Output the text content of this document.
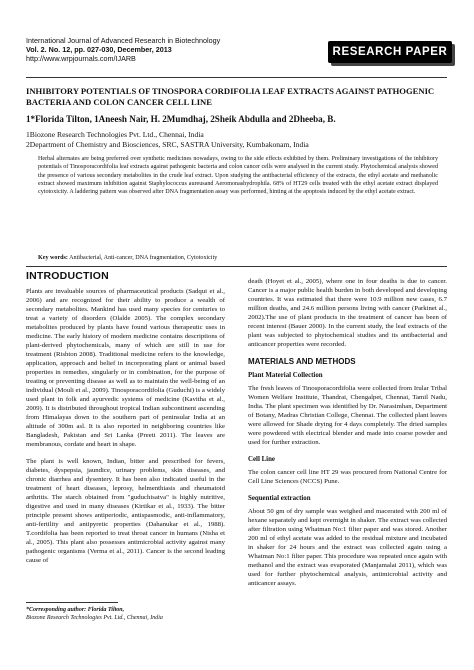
International Journal of Advanced Research in Biotechnology
Vol. 2. No. 12, pp. 027-030, December, 2013
http://www.wrpjournals.com/IJARB
RESEARCH PAPER
INHIBITORY POTENTIALS OF TINOSPORA CORDIFOLIA LEAF EXTRACTS AGAINST PATHOGENIC BACTERIA AND COLON CANCER CELL LINE
1*Florida Tilton, 1Aneesh Nair, H. 2Mumdhaj, 2Sheik Abdulla and 2Dheeba, B.
1Biozone Research Technologies Pvt. Ltd., Chennai, India
2Department of Chemistry and Biosciences, SRC, SASTRA University, Kumbakonam, India
Herbal alternates are being preferred over synthetic medicines nowadays, owing to the side effects exhibited by them. Preliminary investigations of the inhibitory potentials of Tinosporacordifolia leaf extracts against pathogenic bacteria and colon cancer cells were analysed in the current study. Phytochemical analysis showed the presence of various secondary metabolites in the crude leaf extract. Upon studying the antibacterial efficiency of the extracts, the ethyl acetate and methanolic extract showed maximum inhibition against Staphylococcus aureusand Aeromonashydrophila. 68% of HT29 cells treated with the ethyl acetate extract displayed cytotoxicity. A laddering pattern was observed after DNA fragmentation assay was performed, hinting at the apoptosis induced by the ethyl acetate extract.
Key words: Antibacterial, Anti-cancer, DNA fragmentation, Cytotoxicity

INTRODUCTION

Plants are invaluable sources of pharmaceutical products (Sadqui et al., 2006) and are recognized for their ability to produce a wealth of secondary metabolites. Mankind has used many species for centuries to treat a variety of disorders (Olalde 2005). The complex secondary metabolites produced by plants have found various therapeutic uses in medicine. The early history of modern medicine contains descriptions of plant-derived phytochemicals, many of which are still in use for treatment (Rishton 2008). Traditional medicine refers to the knowledge, application, approach and belief in incorporating plant or animal based properties in remedies, singularly or in combination, for the purpose of treating or preventing disease as well as to maintain the well-being of an individual (Mouli et al., 2009). Tinosporacordifolia (Guduchi) is a widely used plant in folk and ayurvedic systems of medicine (Kavitha et al., 2009). It is distributed throughout tropical Indian subcontinent ascending from Himalayas down to the southern part of peninsular India at an altitude of 300m asl. It is also reported in neighboring countries like Bangladesh, Pakistan and Sri Lanka (Preeti 2011). The leaves are membranous, cordate and heart in shape.

The plant is well known, Indian, bitter and prescribed for fevers, diabetes, dyspepsia, jaundice, urinary problems, skin diseases, and chronic diarrhea and dysentery. It has been also indicated useful in the treatment of heart diseases, leprosy, helmenthiasis and rheumatoid arthritis. The starch obtained from "guduchisatva" is highly nutritive, digestive and used in many diseases (Kirtikar et al., 1933). The bitter principle present shows antiperiodic, antispasmodic, anti-inflammatory, anti-fertility and antipyretic properties (Dahanukar et al., 1988). T.cordifolia has been reported to treat throat cancer in humans (Nisha et al., 2005). This plant also possesses antimicrobial activity against many pathogenic organisms (Verma et al., 2011). Cancer is the second leading cause of

death (Hoyet et al., 2005), where one in four deaths is due to cancer. Cancer is a major public health burden in both developed and developing countries. It was estimated that there were 10.9 million new cases, 6.7 million deaths, and 24.6 million persons living with cancer (Parkinet al., 2002).The use of plant products in the treatment of cancer has been of recent interest (Bauer 2000). In the current study, the leaf extracts of the plant was subjected to phytochemical studies and its antibacterial and anticancer properties were recorded.

MATERIALS AND METHODS

Plant Material Collection

The fresh leaves of Tinosporacordifolia were collected from Irular Tribal Women Welfare Institute, Thandrai, Chengalpet, Chennai, Tamil Nadu, India. The plant specimen was identified by Dr. Narasimhan, Department of Botany, Madras Christian College, Chennai. The collected plant leaves were allowed for Shade drying for 4 days completely. The dried samples were powdered with electrical blender and made into coarse powder and used for further extraction.

Cell Line

The colon cancer cell line HT 29 was procured from National Centre for Cell Line Sciences (NCCS) Pune.

Sequential extraction

About 50 gm of dry sample was weighed and macerated with 200 ml of hexane separately and kept overnight in shaker. The extract was collected after filtration using Whatman No:1 filter paper and was stored. Another 200 ml of ethyl acetate was added to the residual mixture and incubated in shaker for 24 hours and the extract was collected again using a Whatman No:1 filter paper. This procedure was repeated once again with methanol and the extract was evaporated (Manjamalai 2011), which was used for further phytochemical analysis, antimicrobial activity and anticancer assays.

*Corresponding author: Florida Tilton,
Biozone Research Technologies Pvt. Ltd., Chennai, India
